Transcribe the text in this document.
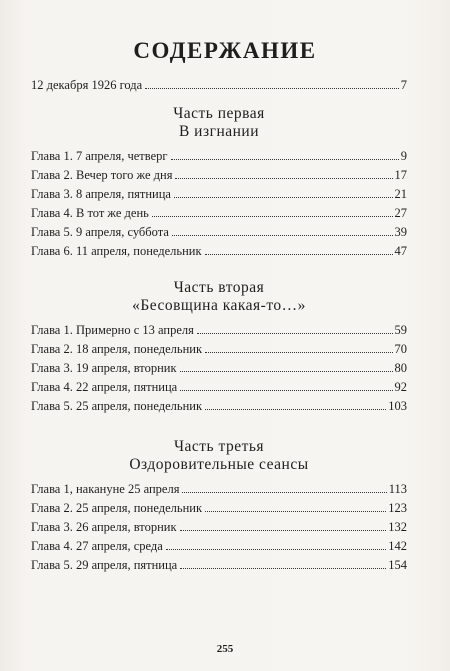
СОДЕРЖАНИЕ
12 декабря 1926 года	7
Часть первая
В изгнании
Глава 1. 7 апреля, четверг	9
Глава 2. Вечер того же дня	17
Глава 3. 8 апреля, пятница	21
Глава 4. В тот же день	27
Глава 5. 9 апреля, суббота	39
Глава 6. 11 апреля, понедельник	47
Часть вторая
«Бесовщина какая-то…»
Глава 1. Примерно с 13 апреля	59
Глава 2. 18 апреля, понедельник	70
Глава 3. 19 апреля, вторник	80
Глава 4. 22 апреля, пятница	92
Глава 5. 25 апреля, понедельник	103
Часть третья
Оздоровительные сеансы
Глава 1, накануне 25 апреля	113
Глава 2. 25 апреля, понедельник	123
Глава 3. 26 апреля, вторник	132
Глава 4. 27 апреля, среда	142
Глава 5. 29 апреля, пятница	154
255
